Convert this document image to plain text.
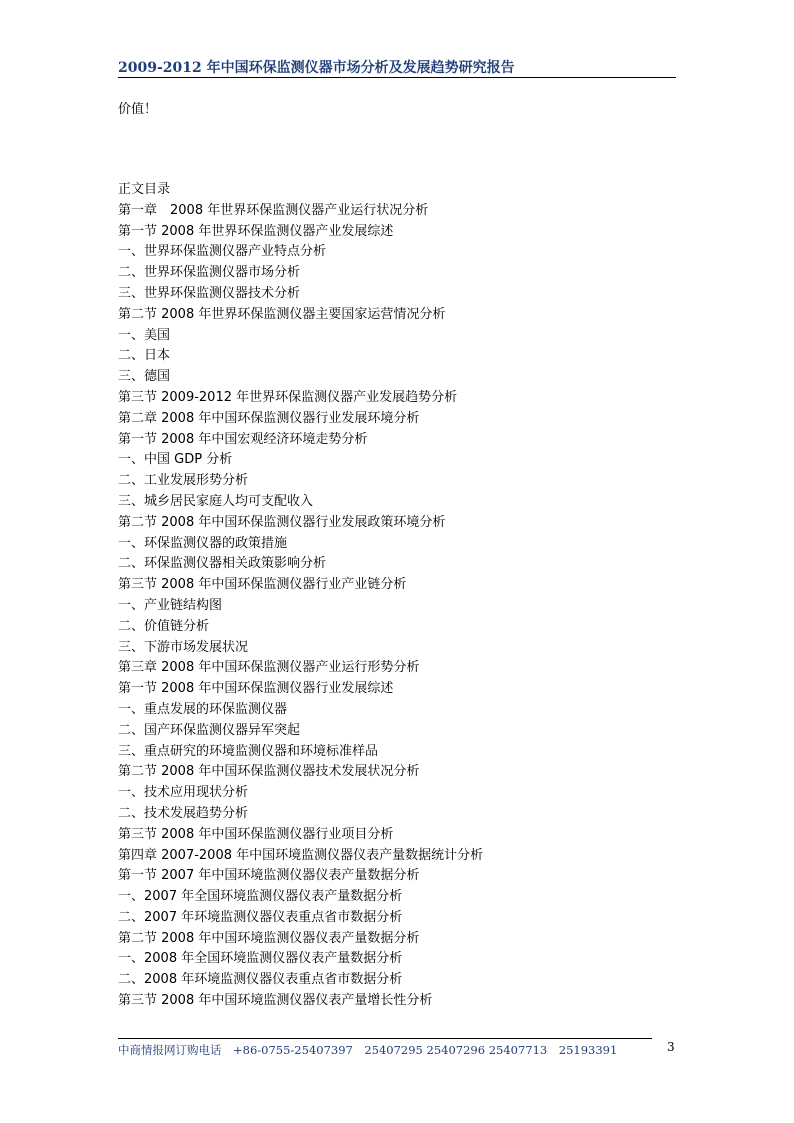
2009-2012 年中国环保监测仪器市场分析及发展趋势研究报告
价值！
正文目录
第一章　2008 年世界环保监测仪器产业运行状况分析
第一节 2008 年世界环保监测仪器产业发展综述
一、世界环保监测仪器产业特点分析
二、世界环保监测仪器市场分析
三、世界环保监测仪器技术分析
第二节 2008 年世界环保监测仪器主要国家运营情况分析
一、美国
二、日本
三、德国
第三节 2009-2012 年世界环保监测仪器产业发展趋势分析
第二章 2008 年中国环保监测仪器行业发展环境分析
第一节 2008 年中国宏观经济环境走势分析
一、中国 GDP 分析
二、工业发展形势分析
三、城乡居民家庭人均可支配收入
第二节 2008 年中国环保监测仪器行业发展政策环境分析
一、环保监测仪器的政策措施
二、环保监测仪器相关政策影响分析
第三节 2008 年中国环保监测仪器行业产业链分析
一、产业链结构图
二、价值链分析
三、下游市场发展状况
第三章 2008 年中国环保监测仪器产业运行形势分析
第一节 2008 年中国环保监测仪器行业发展综述
一、重点发展的环保监测仪器
二、国产环保监测仪器异军突起
三、重点研究的环境监测仪器和环境标准样品
第二节 2008 年中国环保监测仪器技术发展状况分析
一、技术应用现状分析
二、技术发展趋势分析
第三节 2008 年中国环保监测仪器行业项目分析
第四章 2007-2008 年中国环境监测仪器仪表产量数据统计分析
第一节 2007 年中国环境监测仪器仪表产量数据分析
一、2007 年全国环境监测仪器仪表产量数据分析
二、2007 年环境监测仪器仪表重点省市数据分析
第二节 2008 年中国环境监测仪器仪表产量数据分析
一、2008 年全国环境监测仪器仪表产量数据分析
二、2008 年环境监测仪器仪表重点省市数据分析
第三节 2008 年中国环境监测仪器仪表产量增长性分析
中商情报网订购电话　+86-0755-25407397　25407295 25407296 25407713　25193391	3
